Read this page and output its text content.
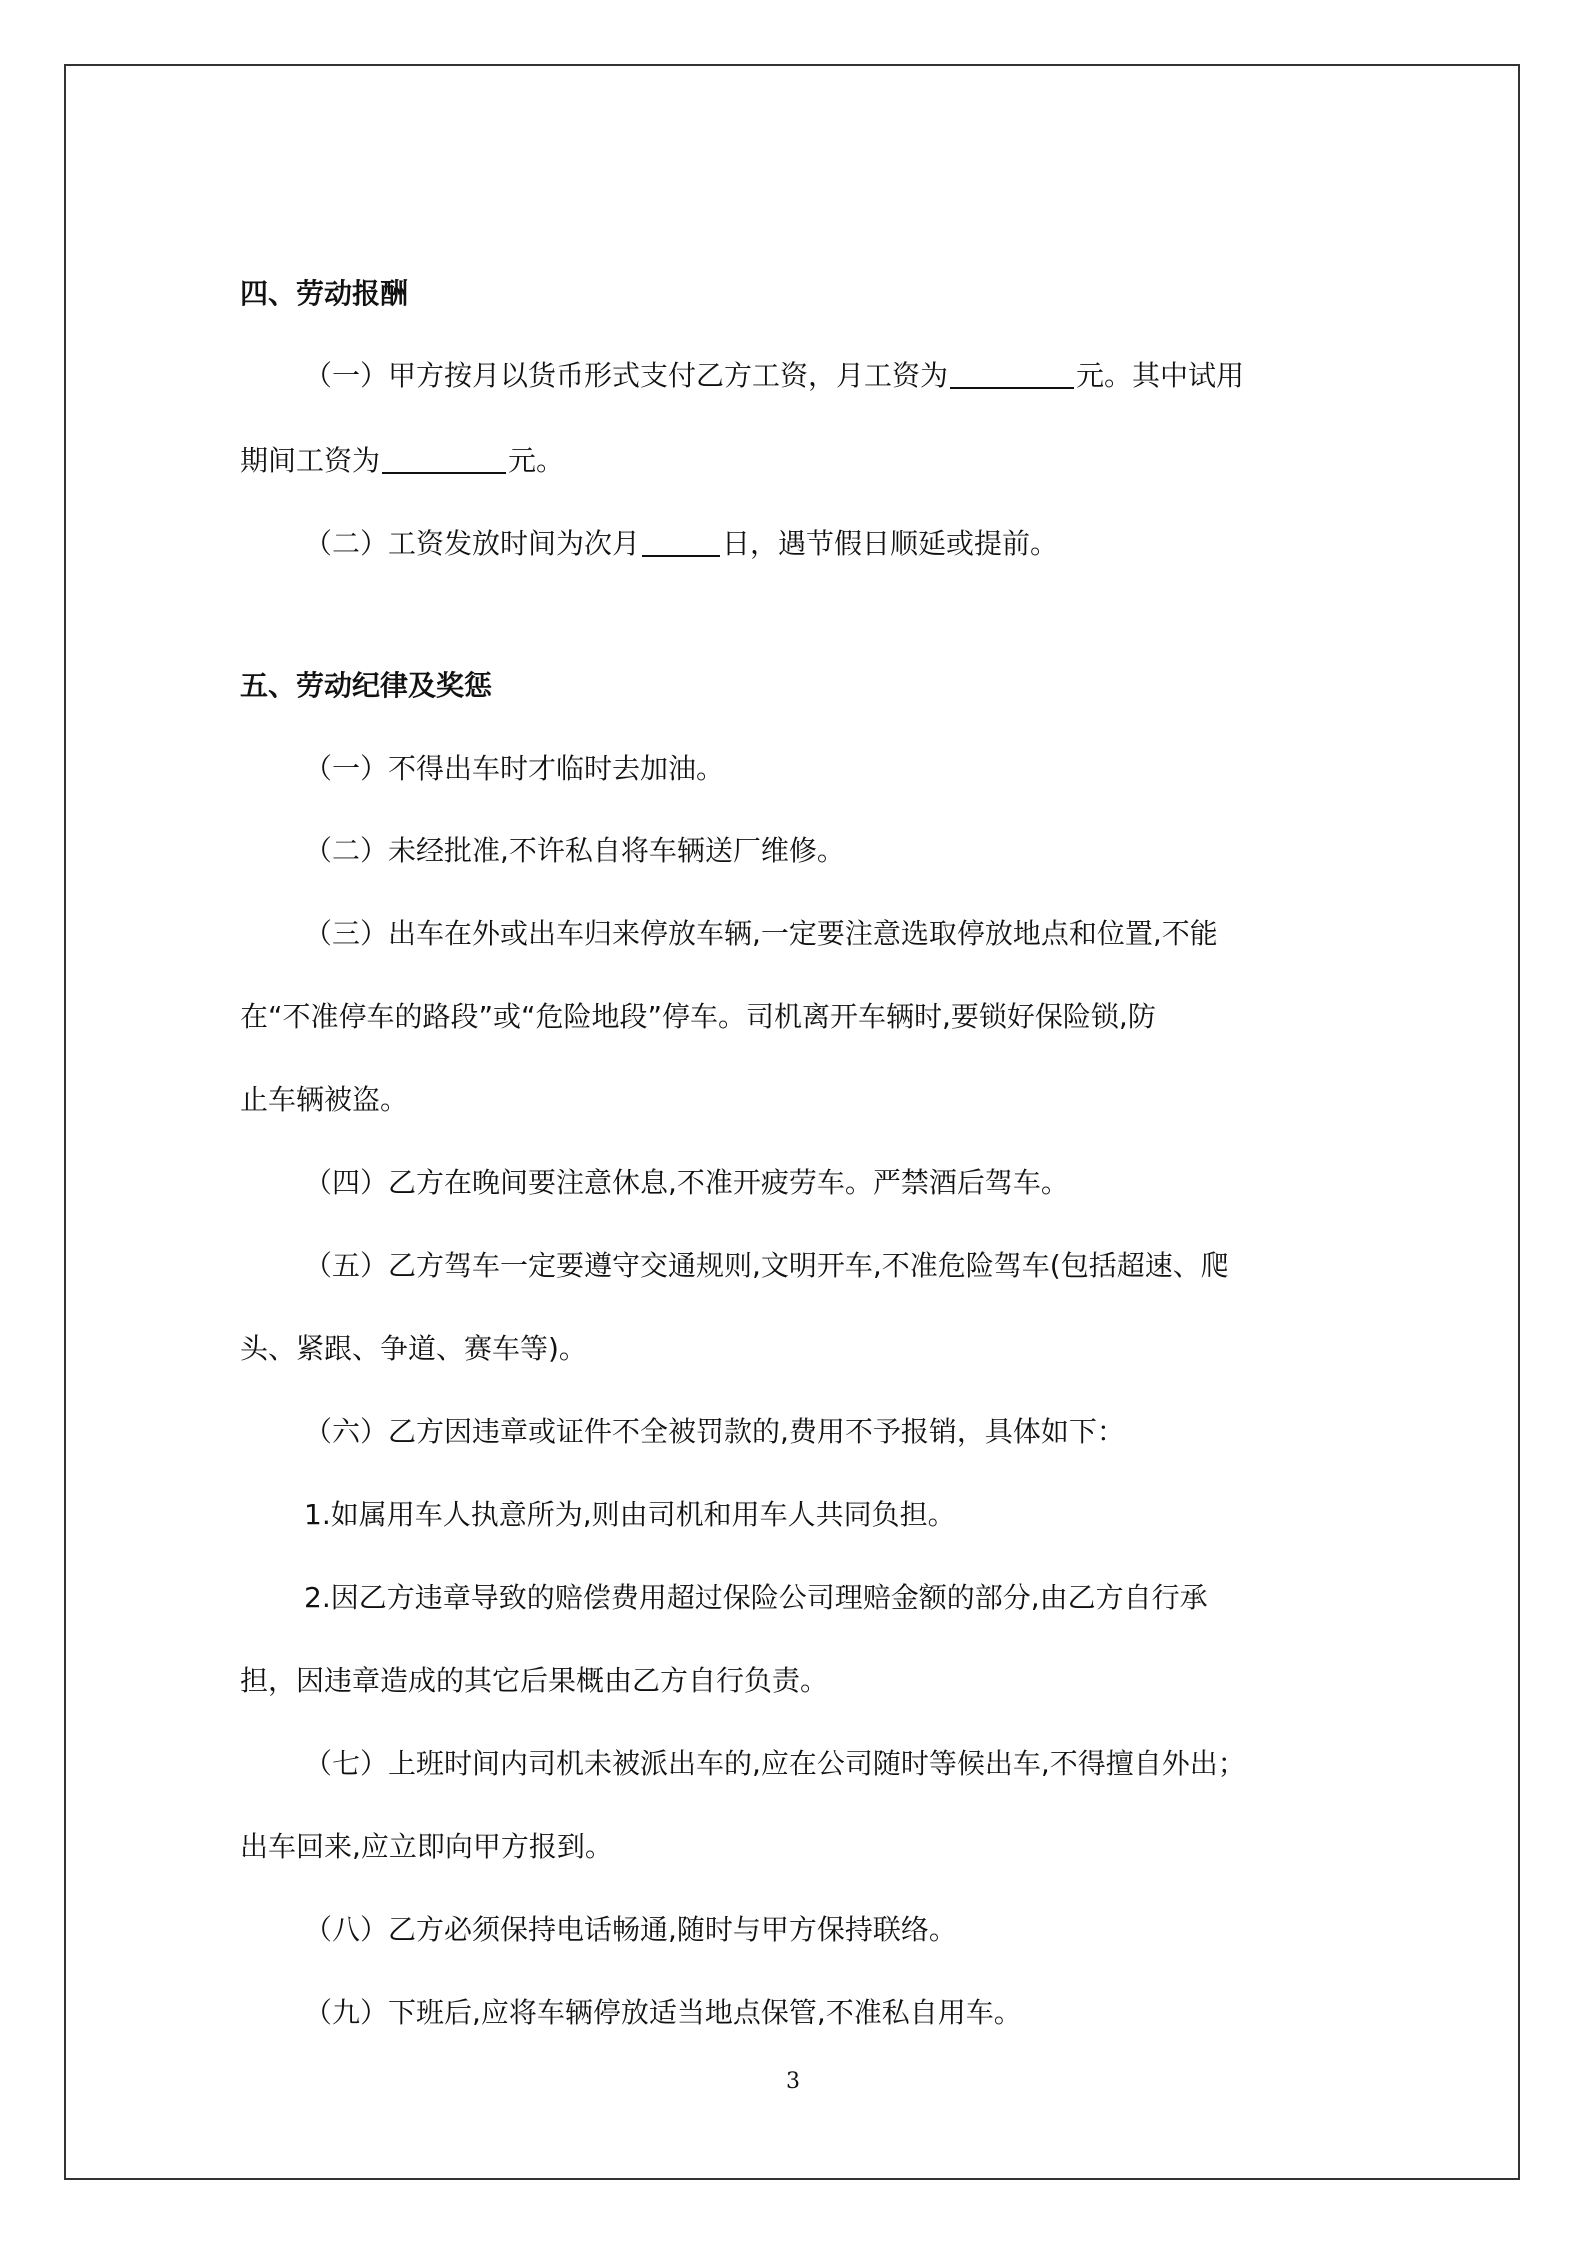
四、劳动报酬
（一）甲方按月以货币形式支付乙方工资，月工资为	元。其中试用
期间工资为	元。
（二）工资发放时间为次月	日，遇节假日顺延或提前。
五、劳动纪律及奖惩
（一）不得出车时才临时去加油。
（二）未经批准,不许私自将车辆送厂维修。
（三）出车在外或出车归来停放车辆,一定要注意选取停放地点和位置,不能
在“不准停车的路段”或“危险地段”停车。司机离开车辆时,要锁好保险锁,防
止车辆被盗。
（四）乙方在晚间要注意休息,不准开疲劳车。严禁酒后驾车。
（五）乙方驾车一定要遵守交通规则,文明开车,不准危险驾车(包括超速、爬
头、紧跟、争道、赛车等)。
（六）乙方因违章或证件不全被罚款的,费用不予报销，具体如下：
1.如属用车人执意所为,则由司机和用车人共同负担。
2.因乙方违章导致的赔偿费用超过保险公司理赔金额的部分,由乙方自行承
担，因违章造成的其它后果概由乙方自行负责。
（七）上班时间内司机未被派出车的,应在公司随时等候出车,不得擅自外出；
出车回来,应立即向甲方报到。
（八）乙方必须保持电话畅通,随时与甲方保持联络。
（九）下班后,应将车辆停放适当地点保管,不准私自用车。
3
